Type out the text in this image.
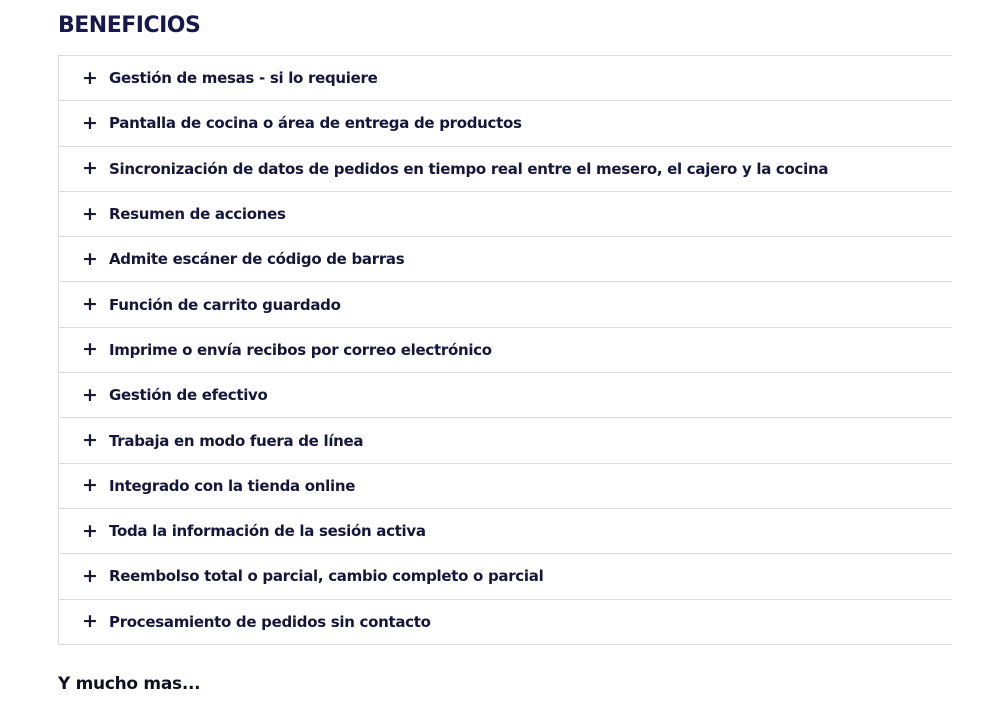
BENEFICIOS
+ Gestión de mesas - si lo requiere
+ Pantalla de cocina o área de entrega de productos
+ Sincronización de datos de pedidos en tiempo real entre el mesero, el cajero y la cocina
+ Resumen de acciones
+ Admite escáner de código de barras
+ Función de carrito guardado
+ Imprime o envía recibos por correo electrónico
+ Gestión de efectivo
+ Trabaja en modo fuera de línea
+ Integrado con la tienda online
+ Toda la información de la sesión activa
+ Reembolso total o parcial, cambio completo o parcial
+ Procesamiento de pedidos sin contacto

Y mucho mas...
